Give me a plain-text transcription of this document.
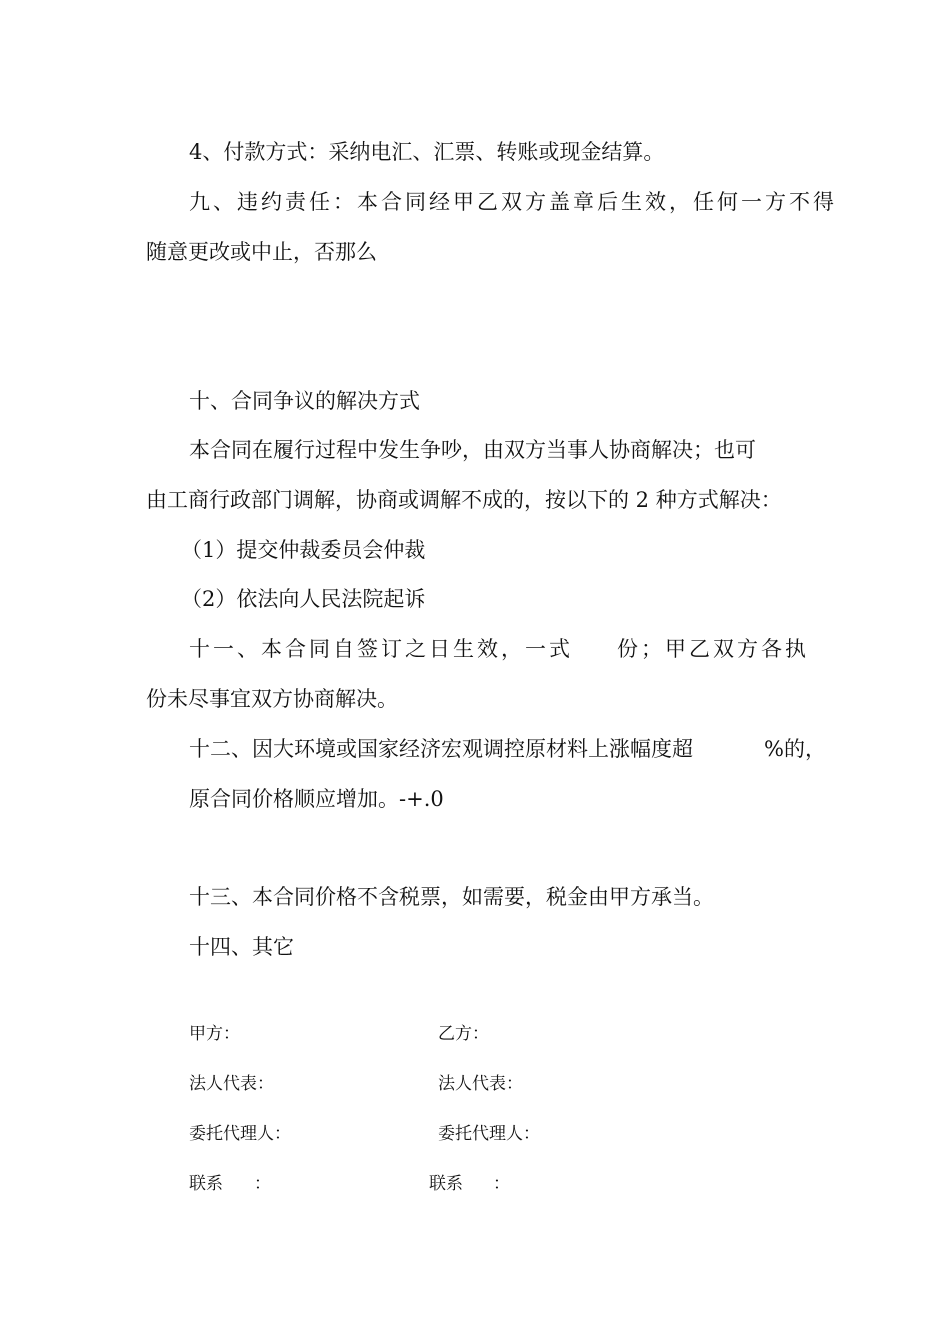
4、付款方式：采纳电汇、汇票、转账或现金结算。
九、违约责任：本合同经甲乙双方盖章后生效，任何一方不得
随意更改或中止，否那么
十、合同争议的解决方式
本合同在履行过程中发生争吵，由双方当事人协商解决；也可
由工商行政部门调解，协商或调解不成的，按以下的 2 种方式解决：
（1）提交仲裁委员会仲裁
（2）依法向人民法院起诉
十一、本合同自签订之日生效，一式 份；甲乙双方各执
份未尽事宜双方协商解决。
十二、因大环境或国家经济宏观调控原材料上涨幅度超	%的，
原合同价格顺应增加。-+.0
十三、本合同价格不含税票，如需要，税金由甲方承当。
十四、其它
甲方：	乙方：
法人代表：	法人代表：
委托代理人：	委托代理人：
联系 ：	联系 ：
